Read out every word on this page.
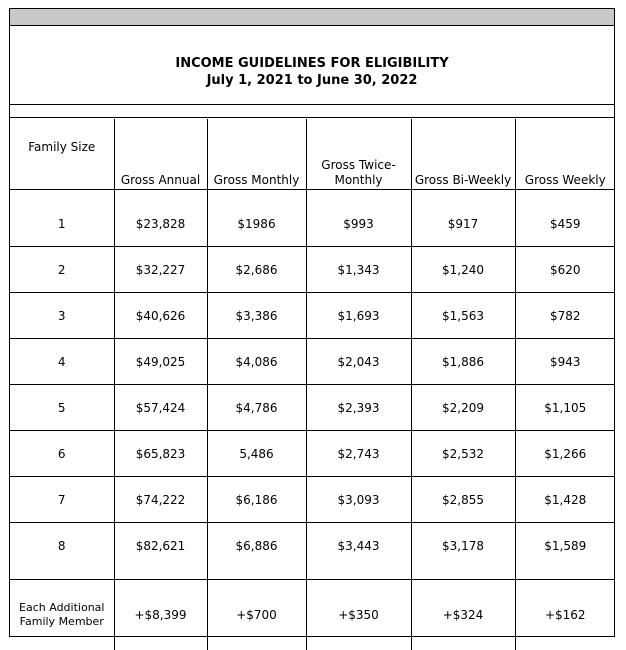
INCOME GUIDELINES FOR ELIGIBILITY
July 1, 2021 to June 30, 2022
Family Size	Gross Annual	Gross Monthly	Gross Twice-Monthly	Gross Bi-Weekly	Gross Weekly

1	$23,828	$1986	$993	$917	$459
2	$32,227	$2,686	$1,343	$1,240	$620
3	$40,626	$3,386	$1,693	$1,563	$782
4	$49,025	$4,086	$2,043	$1,886	$943
5	$57,424	$4,786	$2,393	$2,209	$1,105
6	$65,823	5,486	$2,743	$2,532	$1,266
7	$74,222	$6,186	$3,093	$2,855	$1,428
8	$82,621	$6,886	$3,443	$3,178	$1,589

Each Additional Family Member	+$8,399	+$700	+$350	+$324	+$162
